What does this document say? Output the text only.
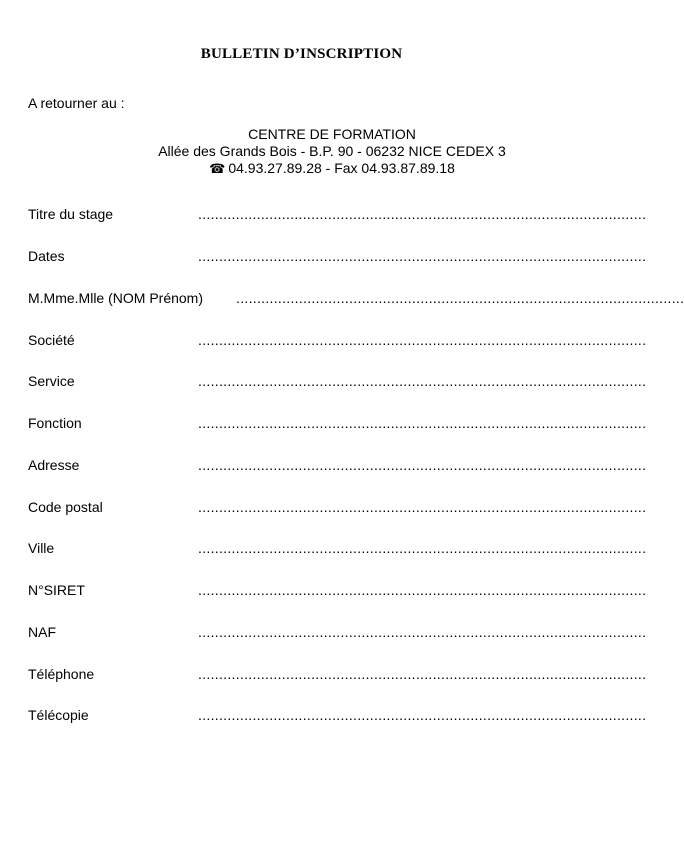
BULLETIN D’INSCRIPTION
A retourner au :
CENTRE DE FORMATION
Allée des Grands Bois - B.P. 90 - 06232 NICE CEDEX 3
☎ 04.93.27.89.28 - Fax 04.93.87.89.18
Titre du stage	...........................................................................................................
Dates	...........................................................................................................
M.Mme.Mlle (NOM Prénom) ...........................................................................................................
Société	...........................................................................................................
Service	...........................................................................................................
Fonction	...........................................................................................................
Adresse	...........................................................................................................
Code postal	...........................................................................................................
Ville	...........................................................................................................
N°SIRET	...........................................................................................................
NAF	...........................................................................................................
Téléphone	...........................................................................................................
Télécopie	...........................................................................................................
